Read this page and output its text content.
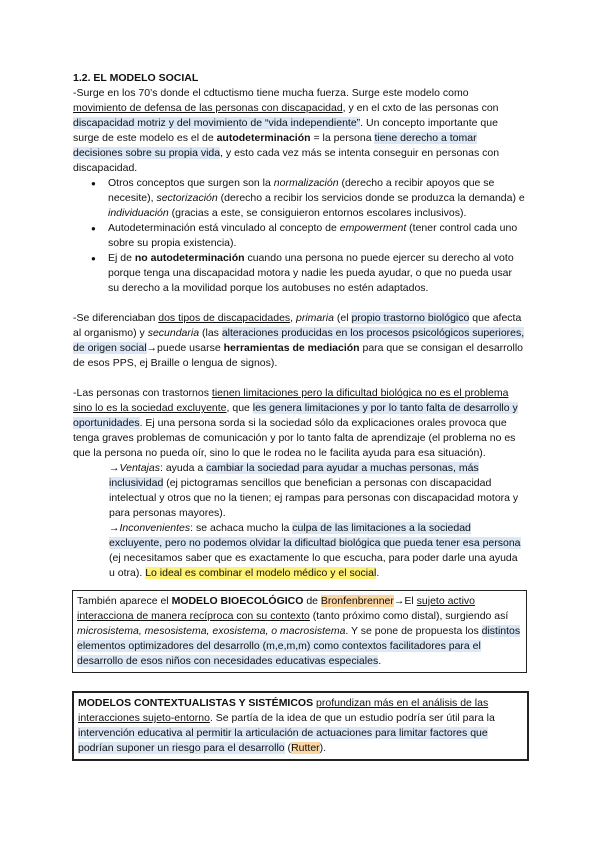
1.2. EL MODELO SOCIAL

-Surge en los 70’s donde el cdtuctismo tiene mucha fuerza. Surge este modelo como movimiento de defensa de las personas con discapacidad, y en el cxto de las personas con discapacidad motriz y del movimiento de “vida independiente”. Un concepto importante que surge de este modelo es el de autodeterminación = la persona tiene derecho a tomar decisiones sobre su propia vida, y esto cada vez más se intenta conseguir en personas con discapacidad.

● Otros conceptos que surgen son la normalización (derecho a recibir apoyos que se necesite), sectorización (derecho a recibir los servicios donde se produzca la demanda) e individuación (gracias a este, se consiguieron entornos escolares inclusivos).
● Autodeterminación está vinculado al concepto de empowerment (tener control cada uno sobre su propia existencia).
● Ej de no autodeterminación cuando una persona no puede ejercer su derecho al voto porque tenga una discapacidad motora y nadie les pueda ayudar, o que no pueda usar su derecho a la movilidad porque los autobuses no estén adaptados.

-Se diferenciaban dos tipos de discapacidades, primaria (el propio trastorno biológico que afecta al organismo) y secundaria (las alteraciones producidas en los procesos psicológicos superiores, de origen social→puede usarse herramientas de mediación para que se consigan el desarrollo de esos PPS, ej Braille o lengua de signos).

-Las personas con trastornos tienen limitaciones pero la dificultad biológica no es el problema sino lo es la sociedad excluyente, que les genera limitaciones y por lo tanto falta de desarrollo y oportunidades. Ej una persona sorda si la sociedad sólo da explicaciones orales provoca que tenga graves problemas de comunicación y por lo tanto falta de aprendizaje (el problema no es que la persona no pueda oír, sino lo que le rodea no le facilita ayuda para esa situación).

→Ventajas: ayuda a cambiar la sociedad para ayudar a muchas personas, más inclusividad (ej pictogramas sencillos que benefician a personas con discapacidad intelectual y otros que no la tienen; ej rampas para personas con discapacidad motora y para personas mayores).

→Inconvenientes: se achaca mucho la culpa de las limitaciones a la sociedad excluyente, pero no podemos olvidar la dificultad biológica que pueda tener esa persona (ej necesitamos saber que es exactamente lo que escucha, para poder darle una ayuda u otra). Lo ideal es combinar el modelo médico y el social.

También aparece el MODELO BIOECOLÓGICO de Bronfenbrenner→El sujeto activo interacciona de manera recíproca con su contexto (tanto próximo como distal), surgiendo así microsistema, mesosistema, exosistema, o macrosistema. Y se pone de propuesta los distintos elementos optimizadores del desarrollo (m,e,m,m) como contextos facilitadores para el desarrollo de esos niños con necesidades educativas especiales.

MODELOS CONTEXTUALISTAS Y SISTÉMICOS profundizan más en el análisis de las interacciones sujeto-entorno. Se partía de la idea de que un estudio podría ser útil para la intervención educativa al permitir la articulación de actuaciones para limitar factores que podrían suponer un riesgo para el desarrollo (Rutter).
